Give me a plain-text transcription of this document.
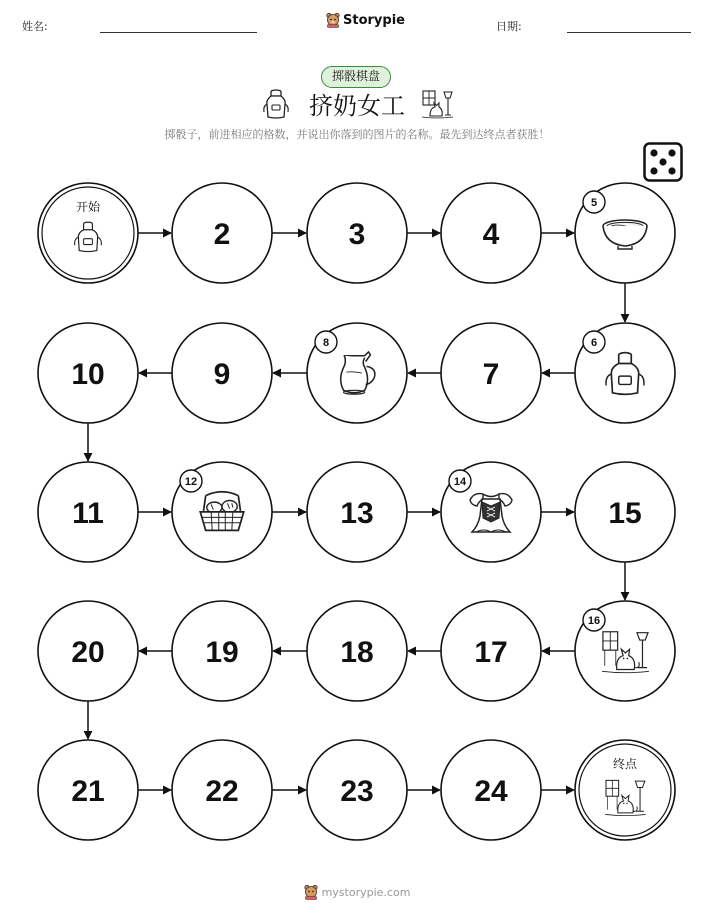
姓名:	Storypie	日期:
掷骰棋盘
挤奶女工
掷骰子，前进相应的格数，并说出你落到的图片的名称。最先到达终点者获胜！
开始
2	3	4
5
6
7
8
9
10
11
12
13
14
15
16
17
18
19
20
21	22	23	24
终点
mystorypie.com
